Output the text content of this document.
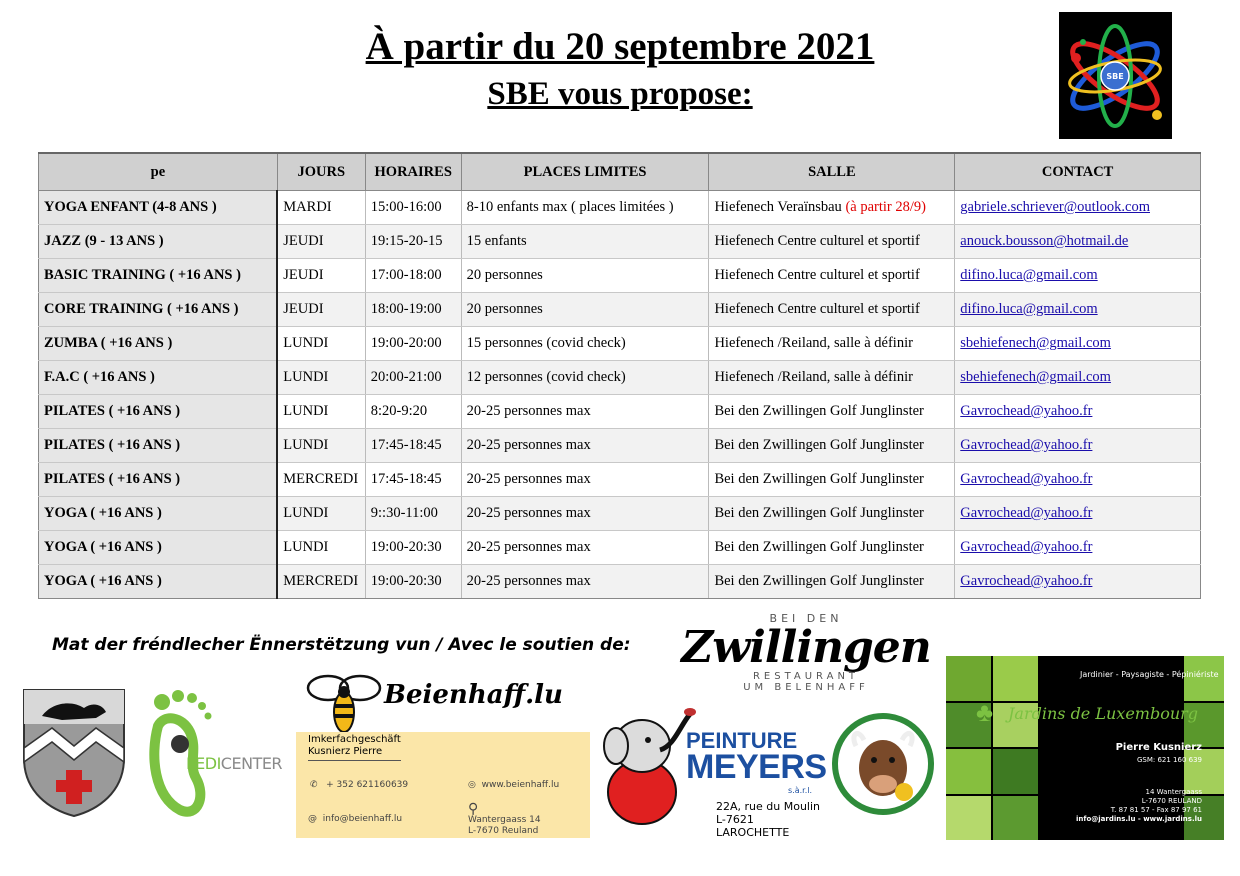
À partir du 20 septembre 2021
SBE vous propose:	SBE
pe	JOURS	HORAIRES	PLACES LIMITES	SALLE	CONTACT
YOGA ENFANT (4-8 ANS )	MARDI	15:00-16:00	8-10 enfants max ( places limitées )	Hiefenech Veraïnsbau (à partir 28/9)	gabriele.schriever@outlook.com
JAZZ (9 - 13 ANS )	JEUDI	19:15-20-15	15 enfants	Hiefenech Centre culturel et sportif	anouck.bousson@hotmail.de
BASIC TRAINING ( +16 ANS )	JEUDI	17:00-18:00	20 personnes	Hiefenech Centre culturel et sportif	difino.luca@gmail.com
CORE TRAINING ( +16 ANS )	JEUDI	18:00-19:00	20 personnes	Hiefenech Centre culturel et sportif	difino.luca@gmail.com
ZUMBA ( +16 ANS )	LUNDI	19:00-20:00	15 personnes (covid check)	Hiefenech /Reiland, salle à définir	sbehiefenech@gmail.com
F.A.C ( +16 ANS )	LUNDI	20:00-21:00	12 personnes (covid check)	Hiefenech /Reiland, salle à définir	sbehiefenech@gmail.com
PILATES ( +16 ANS )	LUNDI	8:20-9:20	20-25 personnes max	Bei den Zwillingen Golf Junglinster	Gavrochead@yahoo.fr
PILATES ( +16 ANS )	LUNDI	17:45-18:45	20-25 personnes max	Bei den Zwillingen Golf Junglinster	Gavrochead@yahoo.fr
PILATES ( +16 ANS )	MERCREDI	17:45-18:45	20-25 personnes max	Bei den Zwillingen Golf Junglinster	Gavrochead@yahoo.fr
YOGA ( +16 ANS )	LUNDI	9::30-11:00	20-25 personnes max	Bei den Zwillingen Golf Junglinster	Gavrochead@yahoo.fr
YOGA ( +16 ANS )	LUNDI	19:00-20:30	20-25 personnes max	Bei den Zwillingen Golf Junglinster	Gavrochead@yahoo.fr
YOGA ( +16 ANS )	MERCREDI	19:00-20:30	20-25 personnes max	Bei den Zwillingen Golf Junglinster	Gavrochead@yahoo.fr
Mat der fréndlecher Ënnerstëtzung vun / Avec le soutien de:
PEDICENTER
Beienhaff.lu
Imkerfachgeschäft
Kusnierz Pierre
✆ + 352 621160639
@ info@beienhaff.lu
◎ www.beienhaff.lu
⚲
Wantergaass 14
L-7670 Reuland
BEI DEN
Zwillingen
RESTAURANT
UM BELENHAFF
PEINTURE
MEYERS
s.à.r.l.
22A, rue du Moulin
L-7621 LAROCHETTE
Jardinier - Paysagiste - Pépiniériste
♣ Jardins de Luxembourg
Pierre Kusnierz
GSM: 621 160 639
14 Wantergaass
L-7670 REULAND
T. 87 81 57 - Fax 87 97 61
info@jardins.lu - www.jardins.lu
